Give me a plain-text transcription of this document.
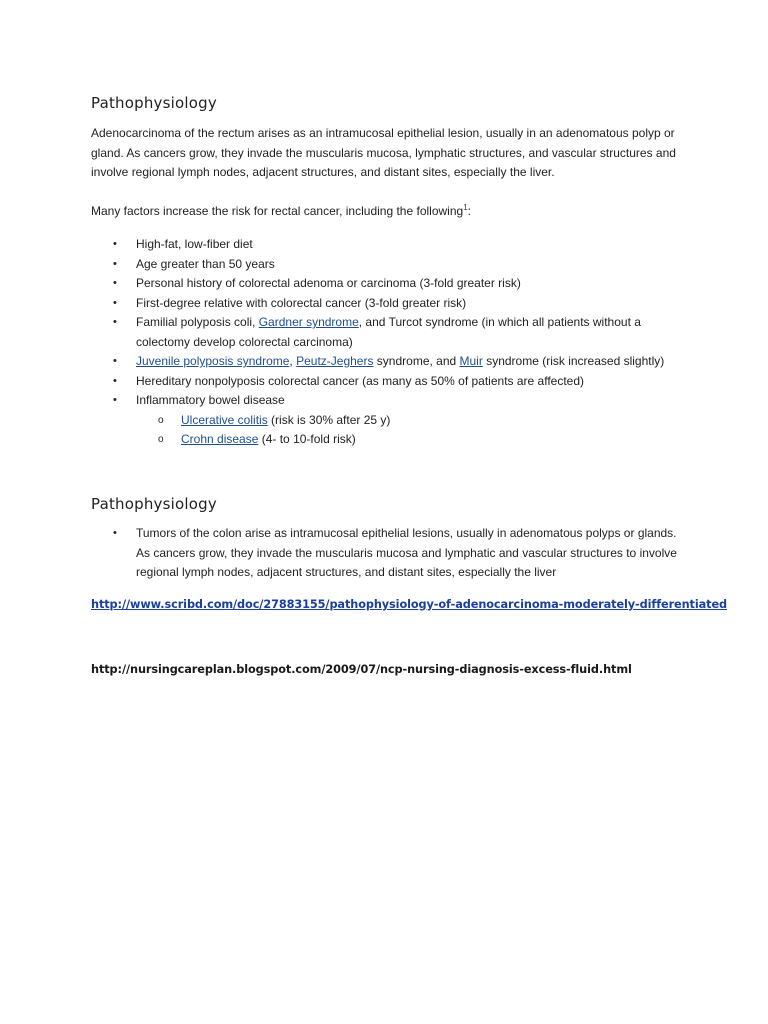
Pathophysiology

Adenocarcinoma of the rectum arises as an intramucosal epithelial lesion, usually in an adenomatous polyp or gland. As cancers grow, they invade the muscularis mucosa, lymphatic structures, and vascular structures and involve regional lymph nodes, adjacent structures, and distant sites, especially the liver.

Many factors increase the risk for rectal cancer, including the following$^1$:

• High-fat, low-fiber diet
• Age greater than 50 years
• Personal history of colorectal adenoma or carcinoma (3-fold greater risk)
• First-degree relative with colorectal cancer (3-fold greater risk)
• Familial polyposis coli, Gardner syndrome, and Turcot syndrome (in which all patients without a
colectomy develop colorectal carcinoma)
• Juvenile polyposis syndrome, Peutz-Jeghers syndrome, and Muir syndrome (risk increased slightly)
• Hereditary nonpolyposis colorectal cancer (as many as 50% of patients are affected)
• Inflammatory bowel disease
o Ulcerative colitis (risk is 30% after 25 y)
o Crohn disease (4- to 10-fold risk)
Pathophysiology
• Tumors of the colon arise as intramucosal epithelial lesions, usually in adenomatous polyps or glands. As cancers grow, they invade the muscularis mucosa and lymphatic and vascular structures to involve regional lymph nodes, adjacent structures, and distant sites, especially the liver
http://www.scribd.com/doc/27883155/pathophysiology-of-adenocarcinoma-moderately-differentiated

http://nursingcareplan.blogspot.com/2009/07/ncp-nursing-diagnosis-excess-fluid.html
